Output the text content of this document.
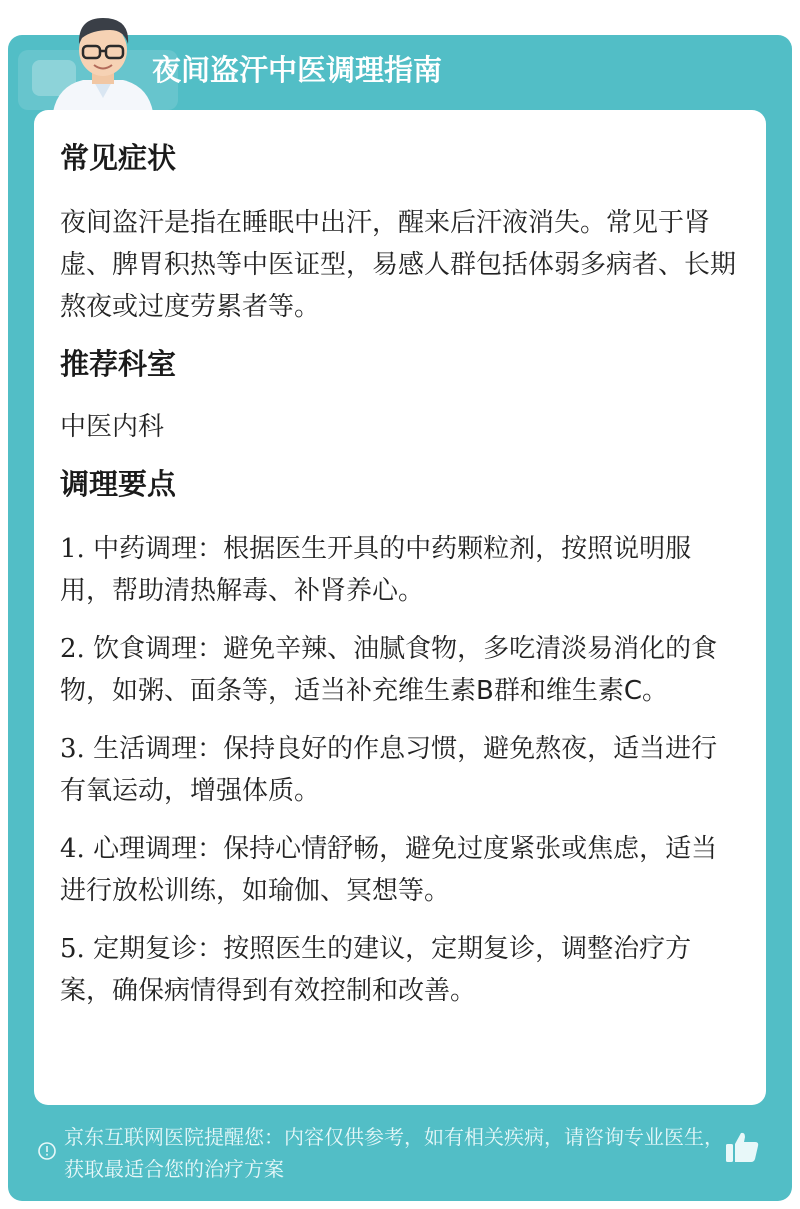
夜间盗汗中医调理指南
常见症状
夜间盗汗是指在睡眠中出汗，醒来后汗液消失。常见于肾虚、脾胃积热等中医证型，易感人群包括体弱多病者、长期熬夜或过度劳累者等。
推荐科室
中医内科
调理要点
1. 中药调理：根据医生开具的中药颗粒剂，按照说明服用，帮助清热解毒、补肾养心。
2. 饮食调理：避免辛辣、油腻食物，多吃清淡易消化的食物，如粥、面条等，适当补充维生素B群和维生素C。
3. 生活调理：保持良好的作息习惯，避免熬夜，适当进行有氧运动，增强体质。
4. 心理调理：保持心情舒畅，避免过度紧张或焦虑，适当进行放松训练，如瑜伽、冥想等。
5. 定期复诊：按照医生的建议，定期复诊，调整治疗方案，确保病情得到有效控制和改善。
京东互联网医院提醒您：内容仅供参考，如有相关疾病，请咨询专业医生，获取最适合您的治疗方案
